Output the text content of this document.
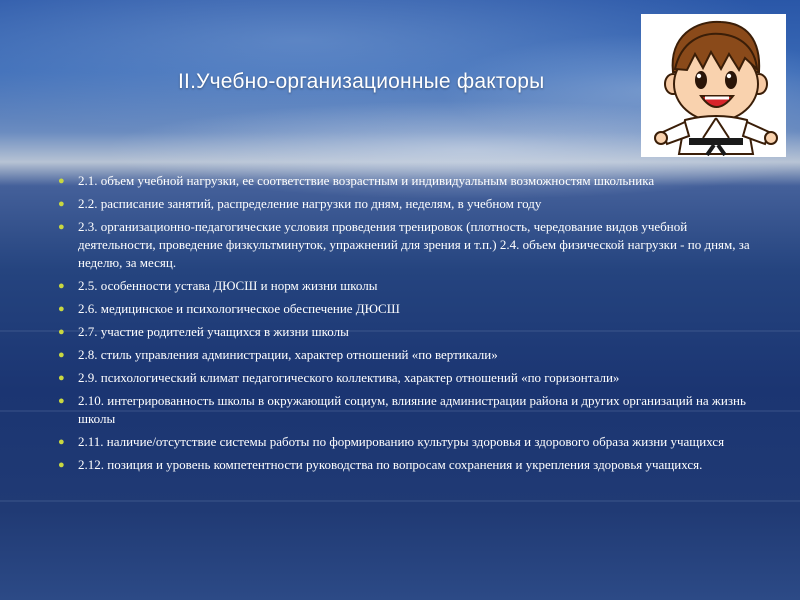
II.Учебно-организационные факторы
● 2.1. объем учебной нагрузки, ее соответствие возрастным и индивидуальным возможностям школьника
● 2.2. расписание занятий, распределение нагрузки по дням, неделям, в учебном году
● 2.3. организационно-педагогические условия проведения тренировок (плотность, чередование видов учебной деятельности, проведение физкультминуток, упражнений для зрения и т.п.) 2.4. объем физической нагрузки - по дням, за неделю, за месяц.
● 2.5. особенности устава ДЮСШ и норм жизни школы
● 2.6. медицинское и психологическое обеспечение ДЮСШ
● 2.7. участие родителей учащихся в жизни школы
● 2.8. стиль управления администрации, характер отношений «по вертикали»
● 2.9. психологический климат педагогического коллектива, характер отношений «по горизонтали»
● 2.10. интегрированность школы в окружающий социум, влияние администрации района и других организаций на жизнь школы
● 2.11. наличие/отсутствие системы работы по формированию культуры здоровья и здорового образа жизни учащихся
● 2.12. позиция и уровень компетентности руководства по вопросам сохранения и укрепления здоровья учащихся.
